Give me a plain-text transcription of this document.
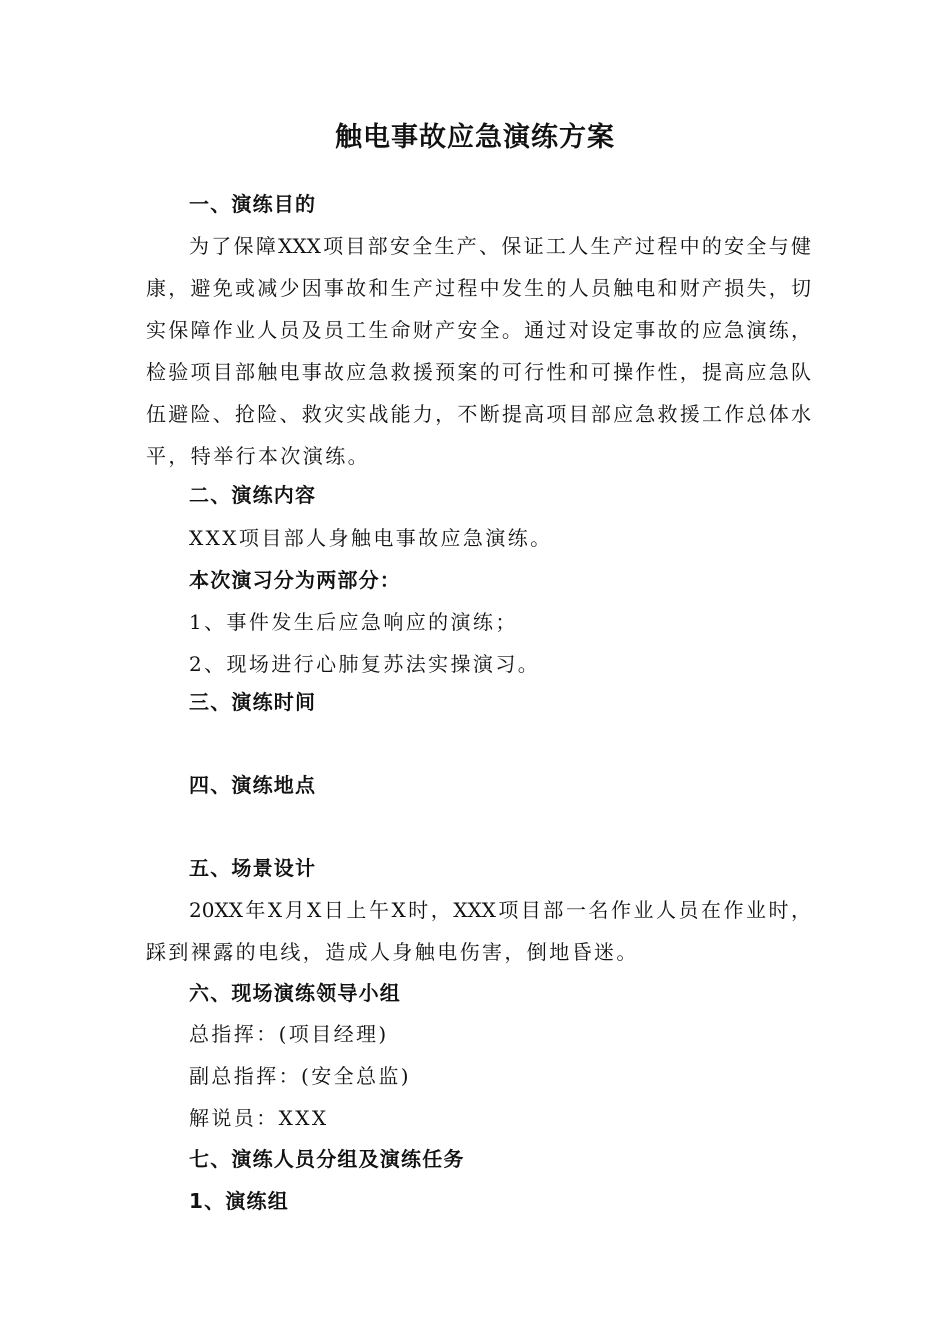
触电事故应急演练方案
一、演练目的
为了保障XXX项目部安全生产、保证工人生产过程中的安全与健
康，避免或减少因事故和生产过程中发生的人员触电和财产损失，切
实保障作业人员及员工生命财产安全。通过对设定事故的应急演练，
检验项目部触电事故应急救援预案的可行性和可操作性，提高应急队
伍避险、抢险、救灾实战能力，不断提高项目部应急救援工作总体水
平，特举行本次演练。
二、演练内容
XXX项目部人身触电事故应急演练。
本次演习分为两部分：
1、事件发生后应急响应的演练；
2、现场进行心肺复苏法实操演习。
三、演练时间
四、演练地点
五、场景设计
20XX年X月X日上午X时，XXX项目部一名作业人员在作业时，
踩到裸露的电线，造成人身触电伤害，倒地昏迷。
六、现场演练领导小组
总指挥：(项目经理)
副总指挥：(安全总监)
解说员：XXX
七、演练人员分组及演练任务
1、演练组
